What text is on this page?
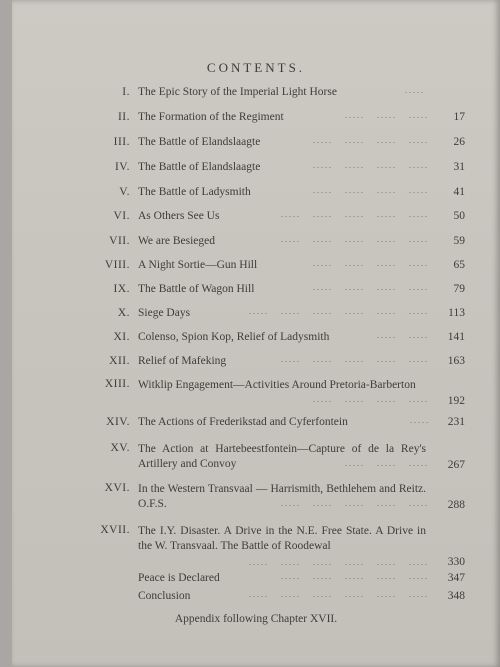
CONTENTS.
I. The Epic Story of the Imperial Light Horse	.....
II. The Formation of the Regiment	.....   .....   .....	17
III. The Battle of Elandslaagte	.....   .....   .....   .....	26
IV. The Battle of Elandslaagte	.....   .....   .....   .....	31
V. The Battle of Ladysmith	.....   .....   .....   .....	41
VI. As Others See Us	.....   .....   .....   .....   .....	50
VII. We are Besieged	.....   .....   .....   .....   .....	59
VIII. A Night Sortie—Gun Hill	.....   .....   .....   .....	65
IX. The Battle of Wagon Hill	.....   .....   .....   .....	79
X. Siege Days	.....   .....   .....   .....   .....   .....	113
XI. Colenso, Spion Kop, Relief of Ladysmith	.....   .....	141
XII. Relief of Mafeking	.....   .....   .....   .....   .....	163
XIII. Witklip Engagement—Activities Around Pretoria-Barberton
.....   .....   .....   .....	192
XIV. The Actions of Frederikstad and Cyferfontein	.....	231
XV. The Action at Hartebeestfontein—Capture of de la Rey's Artillery and Convoy	.....   .....   .....	267
XVI. In the Western Transvaal — Harrismith, Bethlehem and Reitz. O.F.S.	.....   .....   .....   .....   .....	288
XVII. The I.Y. Disaster. A Drive in the N.E. Free State. A Drive in the W. Transvaal. The Battle of Roodewal
.....   .....   .....   .....   .....   .....	330
Peace is Declared	.....   .....   .....   .....   .....	347
Conclusion	.....   .....   .....   .....   .....   .....	348
Appendix following Chapter XVII.
